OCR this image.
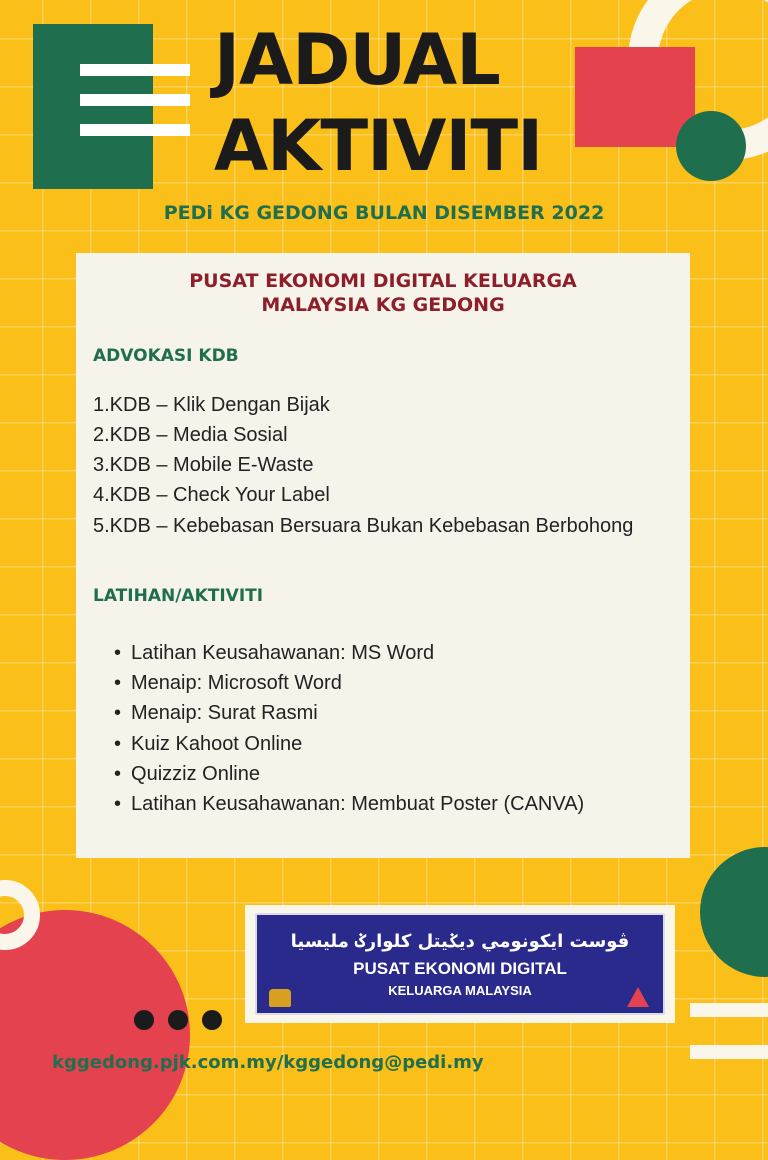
JADUAL
AKTIVITI
PEDi KG GEDONG BULAN DISEMBER 2022
PUSAT EKONOMI DIGITAL KELUARGA
MALAYSIA KG GEDONG
ADVOKASI KDB
1.KDB – Klik Dengan Bijak
2.KDB – Media Sosial
3.KDB – Mobile E-Waste
4.KDB – Check Your Label
5.KDB – Kebebasan Bersuara Bukan Kebebasan Berbohong
LATIHAN/AKTIVITI
• Latihan Keusahawanan: MS Word
• Menaip: Microsoft Word
• Menaip: Surat Rasmi
• Kuiz Kahoot Online
• Quizziz Online
• Latihan Keusahawanan: Membuat Poster (CANVA)
ڤوست ايکونومي ديݢيتل کلوارݢ مليسيا
PUSAT EKONOMI DIGITAL
KELUARGA MALAYSIA
kggedong.pjk.com.my/kggedong@pedi.my
